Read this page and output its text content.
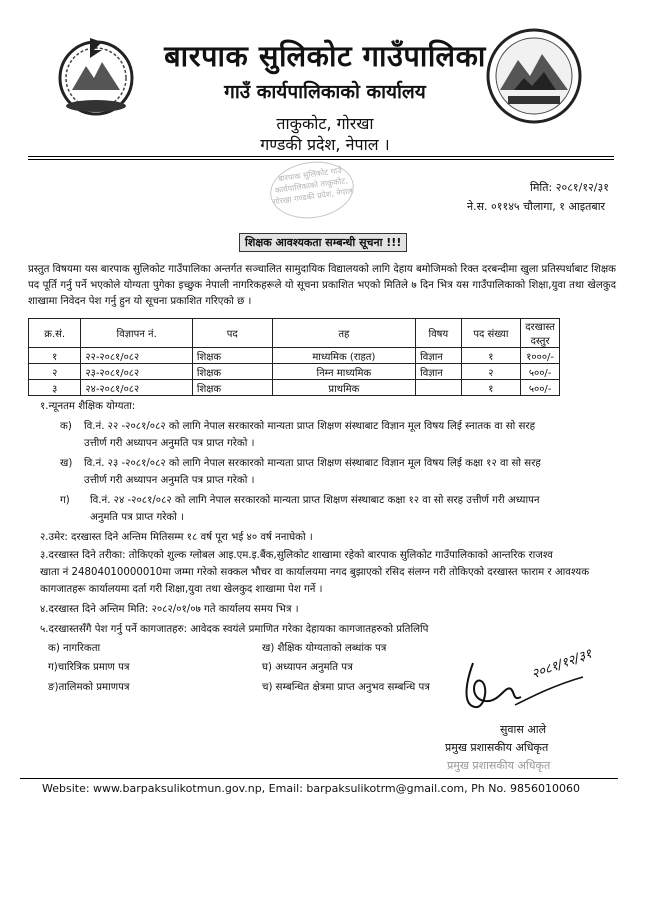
बारपाक सुलिकोट गाउँपालिका
गाउँ कार्यपालिकाको कार्यालय
ताकुकोट, गोरखा
गण्डकी प्रदेश, नेपाल ।
बारपाक सुलिकोट गाउँ कार्यपालिकाको ताकुकोट, गोरखा गण्डकी प्रदेश, नेपाल	मिति: २०८१/१२/३१
ने.स. ०११४५ चौलागा, १ आइतबार
शिक्षक आवश्यकता सम्बन्धी सूचना !!!
प्रस्तुत विषयमा यस बारपाक सुलिकोट गाउँपालिका अन्तर्गत सञ्चालित सामुदायिक विद्यालयको लागि देहाय बमोजिमको रिक्त दरबन्दीमा खुला प्रतिस्पर्धाबाट शिक्षक पद पूर्ति गर्नु पर्ने भएकोले योग्यता पुगेका इच्छुक नेपाली नागरिकहरूले यो सूचना प्रकाशित भएको मितिले ७ दिन भित्र यस गाउँपालिकाको शिक्षा,युवा तथा खेलकुद शाखामा निवेदन पेश गर्नु हुन यो सूचना प्रकाशित गरिएको छ ।
क्र.सं.	विज्ञापन नं.	पद	तह	विषय	पद संख्या	दरखास्त दस्तुर
१	२२-२०८१/०८२	शिक्षक	माध्यमिक (राहत)	विज्ञान	१	१०००/-
२	२३-२०८१/०८२	शिक्षक	निम्न माध्यमिक	विज्ञान	२	५००/-
३	२४-२०८१/०८२	शिक्षक	प्राथमिक		१	५००/-
१.न्यूनतम शैक्षिक योग्यता:
क) वि.नं. २२ -२०८१/०८२ को लागि नेपाल सरकारको मान्यता प्राप्त शिक्षण संस्थाबाट विज्ञान मूल विषय लिई स्नातक वा सो सरह
उत्तीर्ण गरी अध्यापन अनुमति पत्र प्राप्त गरेको ।
ख) वि.नं. २३ -२०८१/०८२ को लागि नेपाल सरकारको मान्यता प्राप्त शिक्षण संस्थाबाट विज्ञान मूल विषय लिई कक्षा १२ वा सो सरह
उत्तीर्ण गरी अध्यापन अनुमति पत्र प्राप्त गरेको ।
ग) वि.नं. २४ -२०८१/०८२ को लागि नेपाल सरकारको मान्यता प्राप्त शिक्षण संस्थाबाट कक्षा १२ वा सो सरह उत्तीर्ण गरी अध्यापन
अनुमति पत्र प्राप्त गरेको ।
२.उमेर: दरखास्त दिने अन्तिम मितिसम्म १८ वर्ष पूरा भई ४० वर्ष ननाघेको ।
३.दरखास्त दिने तरीका: तोकिएको शुल्क ग्लोबल आइ.एम.इ.बैंक,सुलिकोट शाखामा रहेको बारपाक सुलिकोट गाउँपालिकाको आन्तरिक राजश्व
खाता नं 24804010000010मा जम्मा गरेको सक्कल भौचर वा कार्यालयमा नगद बुझाएको रसिद संलग्न गरी तोकिएको दरखास्त फाराम र आवश्यक
कागजातहरू कार्यालयमा दर्ता गरी शिक्षा,युवा तथा खेलकुद शाखामा पेश गर्ने ।
४.दरखास्त दिने अन्तिम मिति: २०८२/०१/०७ गते कार्यालय समय भित्र ।
५.दरखास्तसँगै पेश गर्नु पर्ने कागजातहरु: आवेदक स्वयंले प्रमाणित गरेका देहायका कागजातहरुको प्रतिलिपि
क) नागरिकता
ग)चारित्रिक प्रमाण पत्र
ङ)तालिमको प्रमाणपत्र
ख) शैक्षिक योग्यताको लब्धांक पत्र
घ) अध्यापन अनुमति पत्र
च) सम्बन्धित क्षेत्रमा प्राप्त अनुभव सम्बन्धि पत्र
२०८१/१२/३१
सुवास आले
प्रमुख प्रशासकीय अधिकृत
प्रमुख प्रशासकीय अधिकृत
Website: www.barpaksulikotmun.gov.np, Email: barpaksulikotrm@gmail.com, Ph No. 9856010060
